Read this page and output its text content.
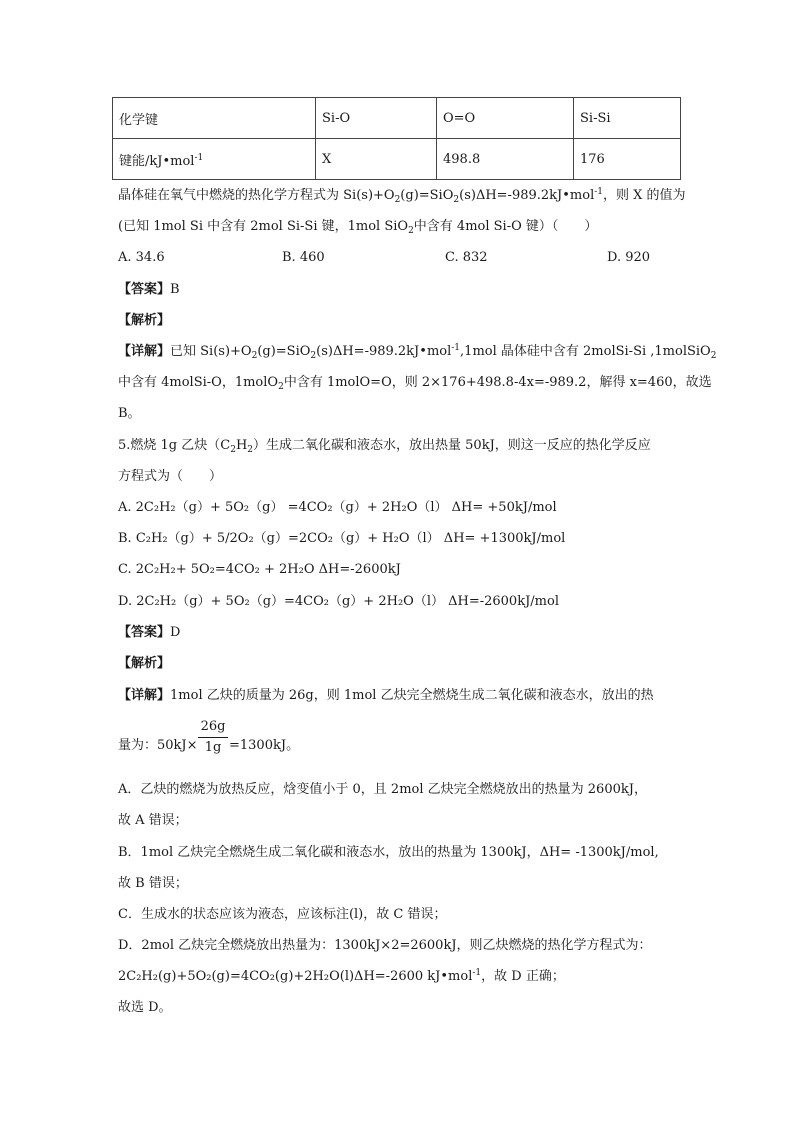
化学键	Si-O	O=O	Si-Si
键能/kJ•mol$^{-1}$	X	498.8	176
晶体硅在氧气中燃烧的热化学方程式为 $Si(s)+O_2(g)=SiO_2(s)\Delta H=-989.2kJ•mol^{-1}$，则 X 的值为
(已知 1mol Si 中含有 2mol Si-Si 键，1mol SiO$_2$中含有 4mol Si-O 键）（　　）
A. 34.6	B. 460	C. 832	D. 920
【答案】B
【解析】
【详解】已知 $Si(s)+O_2(g)=SiO_2(s)\Delta H=-989.2kJ•mol^{-1},1mol$ 晶体硅中含有 2molSi-Si ,1molSiO$_2$
中含有 4molSi-O，1molO$_2$中含有 1molO=O，则 2×176+498.8-4x=-989.2，解得 x=460，故选
B。
5.燃烧 1g 乙炔$(C_2H_2)$生成二氧化碳和液态水，放出热量 50kJ，则这一反应的热化学反应
方程式为（　　）
A. 2C₂H₂（g）+ 5O₂（g） =4CO₂（g）+ 2H₂O（l） ΔH= +50kJ/mol
B. C₂H₂（g）+ 5/2O₂（g）=2CO₂（g）+ H₂O（l） ΔH= +1300kJ/mol
C. 2C₂H₂+ 5O₂=4CO₂ + 2H₂O ΔH=-2600kJ
D. 2C₂H₂（g）+ 5O₂（g）=4CO₂（g）+ 2H₂O（l） ΔH=-2600kJ/mol
【答案】D
【解析】
【详解】1mol 乙炔的质量为 26g，则 1mol 乙炔完全燃烧生成二氧化碳和液态水，放出的热
量为：50kJ×
26g
1g =1300kJ。
A．乙炔的燃烧为放热反应，焓变值小于 0，且 2mol 乙炔完全燃烧放出的热量为 2600kJ，
故 A 错误；
B．1mol 乙炔完全燃烧生成二氧化碳和液态水，放出的热量为 1300kJ，ΔH= -1300kJ/mol,
故 B 错误；
C．生成水的状态应该为液态，应该标注(l)，故 C 错误；
D．2mol 乙炔完全燃烧放出热量为：1300kJ×2=2600kJ，则乙炔燃烧的热化学方程式为：
2C₂H₂(g)+5O₂(g)=4CO₂(g)+2H₂O(l)ΔH=-2600 kJ•mol$^{-1}$，故 D 正确；
故选 D。
